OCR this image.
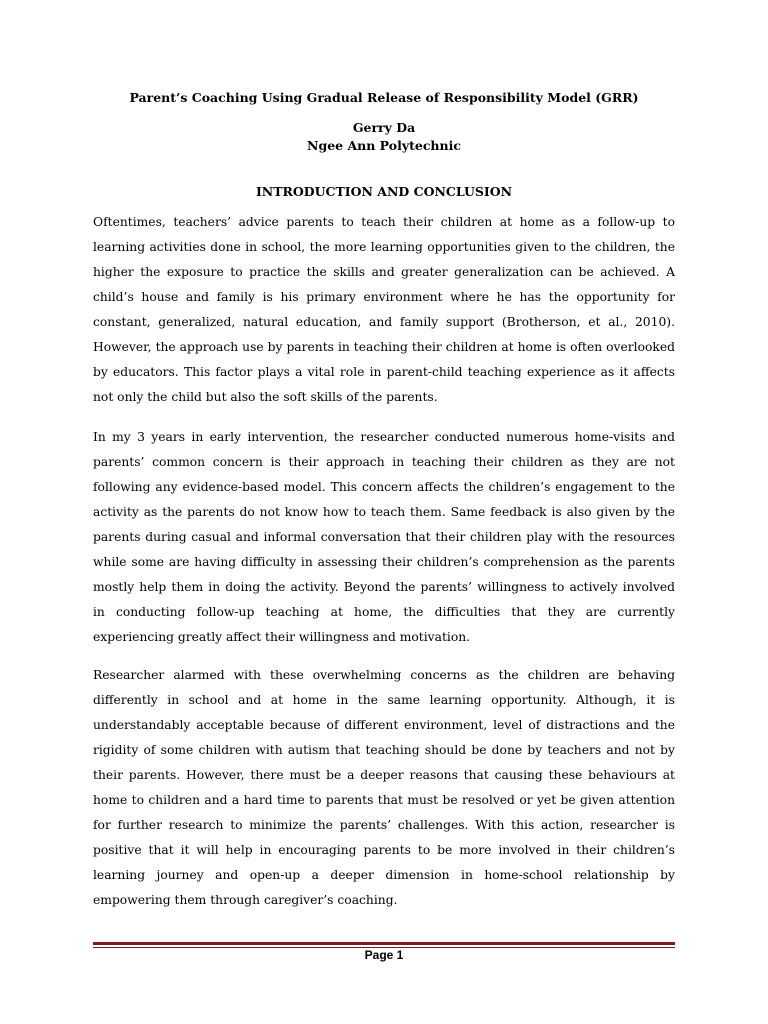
Parent’s Coaching Using Gradual Release of Responsibility Model (GRR)
Gerry Da
Ngee Ann Polytechnic
INTRODUCTION AND CONCLUSION

Oftentimes, teachers’ advice parents to teach their children at home as a follow-up to learning activities done in school, the more learning opportunities given to the children, the higher the exposure to practice the skills and greater generalization can be achieved. A child’s house and family is his primary environment where he has the opportunity for constant, generalized, natural education, and family support (Brotherson, et al., 2010). However, the approach use by parents in teaching their children at home is often overlooked by educators. This factor plays a vital role in parent-child teaching experience as it affects not only the child but also the soft skills of the parents.

In my 3 years in early intervention, the researcher conducted numerous home-visits and parents’ common concern is their approach in teaching their children as they are not following any evidence-based model. This concern affects the children’s engagement to the activity as the parents do not know how to teach them. Same feedback is also given by the parents during casual and informal conversation that their children play with the resources while some are having difficulty in assessing their children’s comprehension as the parents mostly help them in doing the activity. Beyond the parents’ willingness to actively involved in conducting follow-up teaching at home, the difficulties that they are currently experiencing greatly affect their willingness and motivation.

Researcher alarmed with these overwhelming concerns as the children are behaving differently in school and at home in the same learning opportunity. Although, it is understandably acceptable because of different environment, level of distractions and the rigidity of some children with autism that teaching should be done by teachers and not by their parents. However, there must be a deeper reasons that causing these behaviours at home to children and a hard time to parents that must be resolved or yet be given attention for further research to minimize the parents’ challenges. With this action, researcher is positive that it will help in encouraging parents to be more involved in their children’s learning journey and open-up a deeper dimension in home-school relationship by empowering them through caregiver’s coaching.

Page 1
